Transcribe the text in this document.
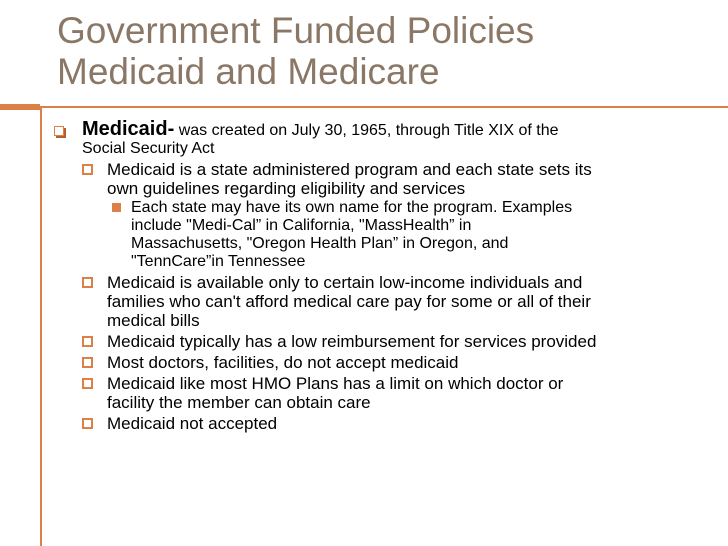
Government Funded Policies
Medicaid and Medicare
Medicaid- was created on July 30, 1965, through Title XIX of the
Social Security Act
Medicaid is a state administered program and each state sets its
own guidelines regarding eligibility and services
Each state may have its own name for the program. Examples
include "Medi-Cal” in California, "MassHealth” in
Massachusetts, "Oregon Health Plan” in Oregon, and
"TennCare”in Tennessee
Medicaid is available only to certain low-income individuals and
families who can't afford medical care pay for some or all of their
medical bills
Medicaid typically has a low reimbursement for services provided
Most doctors, facilities, do not accept medicaid
Medicaid like most HMO Plans has a limit on which doctor or
facility the member can obtain care
Medicaid not accepted
